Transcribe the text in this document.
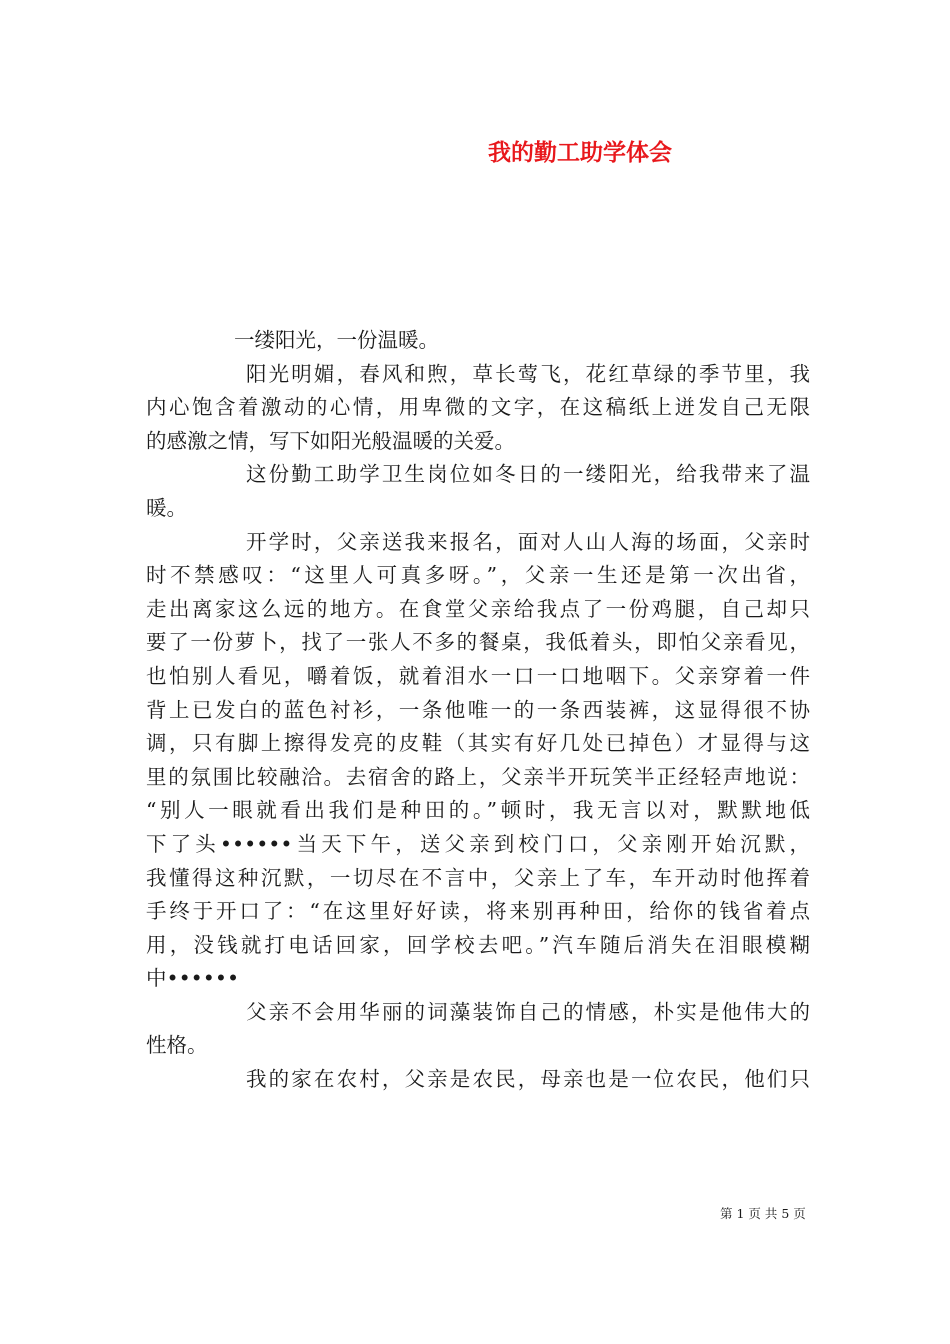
我的勤工助学体会
一缕阳光，一份温暖。
阳光明媚，春风和煦，草长莺飞，花红草绿的季节里，我
内心饱含着激动的心情，用卑微的文字，在这稿纸上迸发自己无限
的感激之情，写下如阳光般温暖的关爱。
这份勤工助学卫生岗位如冬日的一缕阳光，给我带来了温
暖。
开学时，父亲送我来报名，面对人山人海的场面，父亲时
时不禁感叹：“这里人可真多呀。”，父亲一生还是第一次出省，
走出离家这么远的地方。在食堂父亲给我点了一份鸡腿，自己却只
要了一份萝卜，找了一张人不多的餐桌，我低着头，即怕父亲看见，
也怕别人看见，嚼着饭，就着泪水一口一口地咽下。父亲穿着一件
背上已发白的蓝色衬衫，一条他唯一的一条西装裤，这显得很不协
调，只有脚上擦得发亮的皮鞋（其实有好几处已掉色）才显得与这
里的氛围比较融洽。去宿舍的路上，父亲半开玩笑半正经轻声地说：
“别人一眼就看出我们是种田的。”顿时，我无言以对，默默地低
下了头••••••当天下午，送父亲到校门口，父亲刚开始沉默，
我懂得这种沉默，一切尽在不言中，父亲上了车，车开动时他挥着
手终于开口了：“在这里好好读，将来别再种田，给你的钱省着点
用，没钱就打电话回家，回学校去吧。”汽车随后消失在泪眼模糊
中••••••
父亲不会用华丽的词藻装饰自己的情感，朴实是他伟大的
性格。
我的家在农村，父亲是农民，母亲也是一位农民，他们只
第 1 页 共 5 页
